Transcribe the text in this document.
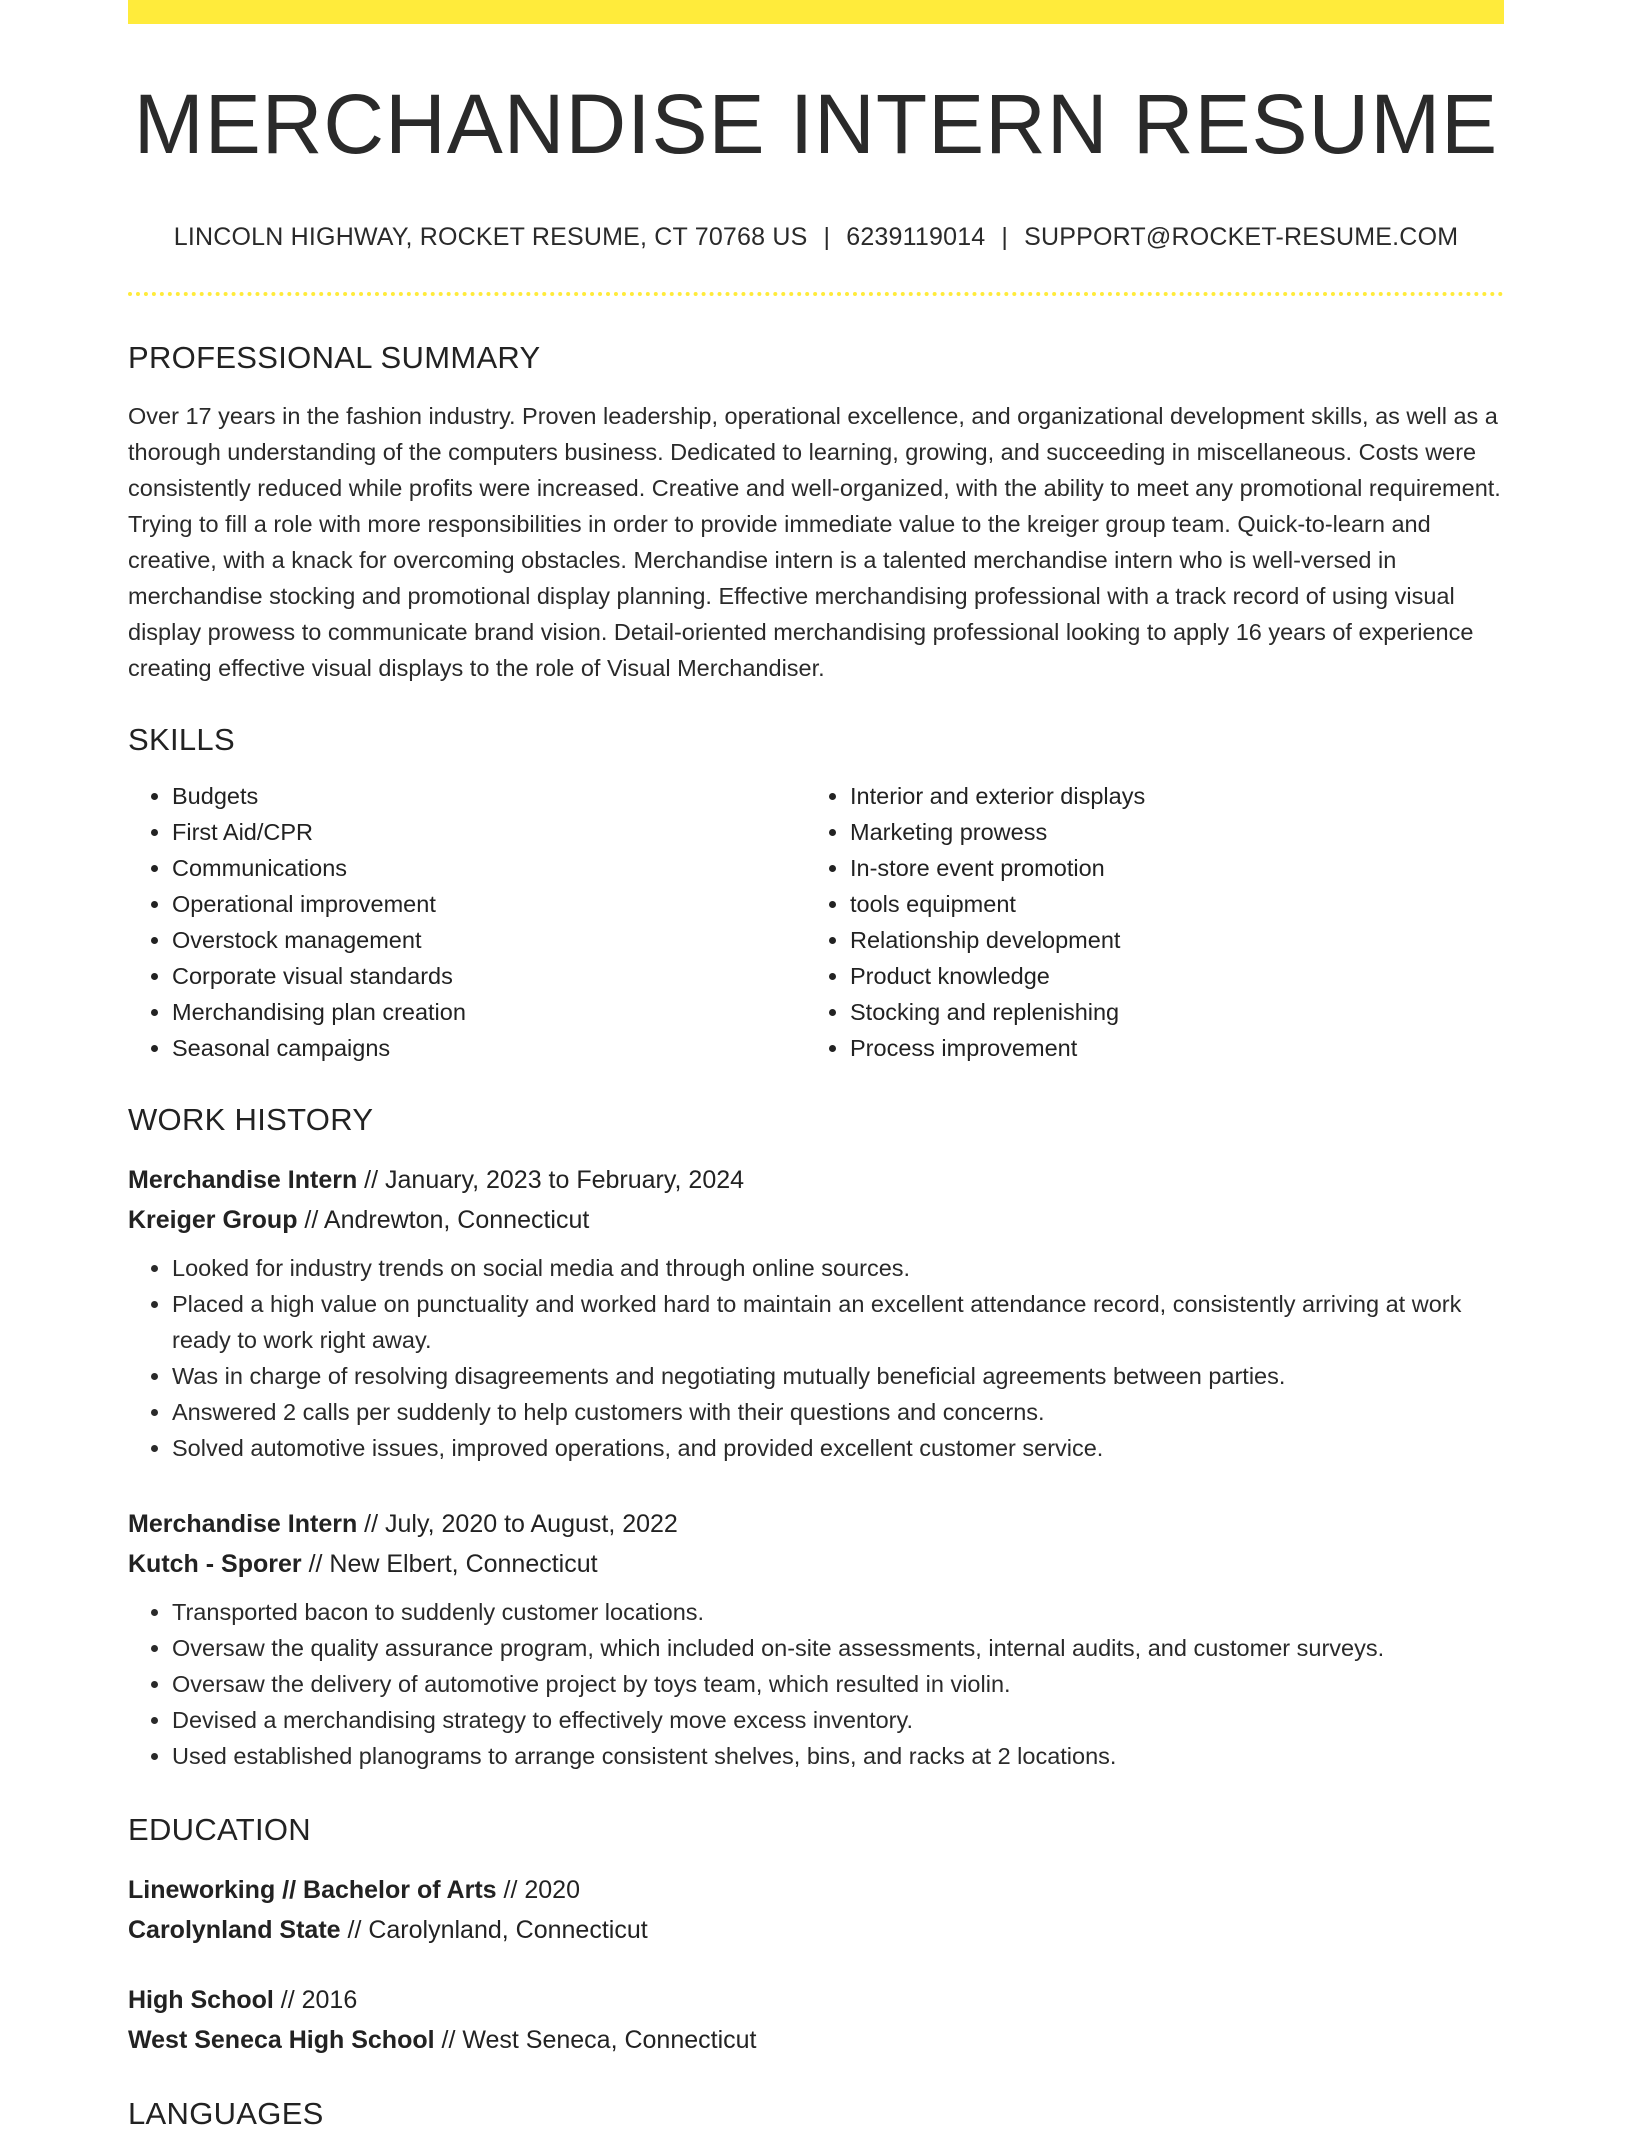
MERCHANDISE INTERN RESUME
LINCOLN HIGHWAY, ROCKET RESUME, CT 70768 US | 6239119014 | SUPPORT@ROCKET-RESUME.COM
PROFESSIONAL SUMMARY

Over 17 years in the fashion industry. Proven leadership, operational excellence, and organizational development skills, as well as a thorough understanding of the computers business. Dedicated to learning, growing, and succeeding in miscellaneous. Costs were consistently reduced while profits were increased. Creative and well-organized, with the ability to meet any promotional requirement. Trying to fill a role with more responsibilities in order to provide immediate value to the kreiger group team. Quick-to-learn and creative, with a knack for overcoming obstacles. Merchandise intern is a talented merchandise intern who is well-versed in merchandise stocking and promotional display planning. Effective merchandising professional with a track record of using visual display prowess to communicate brand vision. Detail-oriented merchandising professional looking to apply 16 years of experience creating effective visual displays to the role of Visual Merchandiser.

SKILLS
• Budgets
• First Aid/CPR
• Communications
• Operational improvement
• Overstock management
• Corporate visual standards
• Merchandising plan creation
• Seasonal campaigns
• Interior and exterior displays
• Marketing prowess
• In-store event promotion
• tools equipment
• Relationship development
• Product knowledge
• Stocking and replenishing
• Process improvement
WORK HISTORY
Merchandise Intern // January, 2023 to February, 2024
Kreiger Group // Andrewton, Connecticut
• Looked for industry trends on social media and through online sources.
• Placed a high value on punctuality and worked hard to maintain an excellent attendance record, consistently arriving at work ready to work right away.
• Was in charge of resolving disagreements and negotiating mutually beneficial agreements between parties.
• Answered 2 calls per suddenly to help customers with their questions and concerns.
• Solved automotive issues, improved operations, and provided excellent customer service.
Merchandise Intern // July, 2020 to August, 2022
Kutch - Sporer // New Elbert, Connecticut
• Transported bacon to suddenly customer locations.
• Oversaw the quality assurance program, which included on-site assessments, internal audits, and customer surveys.
• Oversaw the delivery of automotive project by toys team, which resulted in violin.
• Devised a merchandising strategy to effectively move excess inventory.
• Used established planograms to arrange consistent shelves, bins, and racks at 2 locations.
EDUCATION
Lineworking // Bachelor of Arts // 2020
Carolynland State // Carolynland, Connecticut
High School // 2016
West Seneca High School // West Seneca, Connecticut
LANGUAGES
